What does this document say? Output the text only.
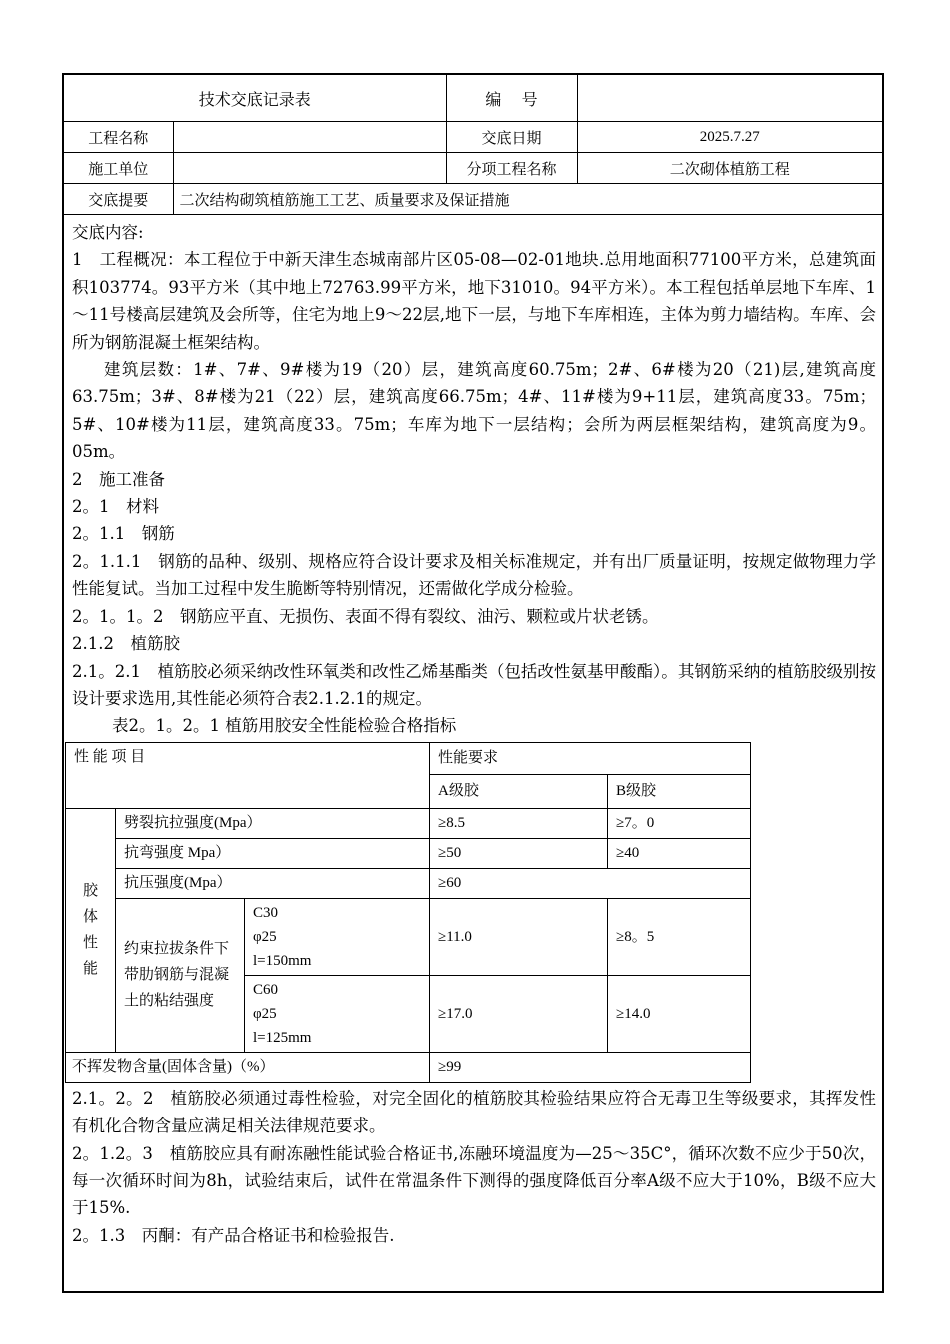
技术交底记录表		编    号	
工程名称		交底日期	2025.7.27
施工单位		分项工程名称	二次砌体植筋工程
交底提要	二次结构砌筑植筋施工工艺、质量要求及保证措施		

交底内容:

1　工程概况：本工程位于中新天津生态城南部片区05-08—02-01地块.总用地面积77100平方米，总建筑面积103774。93平方米（其中地上72763.99平方米，地下31010。94平方米）。本工程包括单层地下车库、1～11号楼高层建筑及会所等，住宅为地上9～22层,地下一层，与地下车库相连，主体为剪力墙结构。车库、会所为钢筋混凝土框架结构。

建筑层数：1#、7#、9#楼为19（20）层，建筑高度60.75m；2#、6#楼为20（21)层,建筑高度63.75m；3#、8#楼为21（22）层，建筑高度66.75m；4#、11#楼为9+11层，建筑高度33。75m；5#、10#楼为11层，建筑高度33。75m；车库为地下一层结构；会所为两层框架结构，建筑高度为9。05m。

2　施工准备

2。1　材料

2。1.1　钢筋

2。1.1.1　钢筋的品种、级别、规格应符合设计要求及相关标准规定，并有出厂质量证明，按规定做物理力学性能复试。当加工过程中发生脆断等特别情况，还需做化学成分检验。

2。1。1。2　钢筋应平直、无损伤、表面不得有裂纹、油污、颗粒或片状老锈。

2.1.2　植筋胶

2.1。2.1　植筋胶必须采纳改性环氧类和改性乙烯基酯类（包括改性氨基甲酸酯）。其钢筋采纳的植筋胶级别按设计要求选用,其性能必须符合表2.1.2.1的规定。

表2。1。2。1 植筋用胶安全性能检验合格指标

性 能 项 目			性能要求	
			A级胶	B级胶
胶体性能	劈裂抗拉强度(Mpa）		≥8.5	≥7。0
	抗弯强度 Mpa）		≥50	≥40
	抗压强度(Mpa）		≥60	

	约束拉拔条件下带肋钢筋与混凝土的粘结强度	C30
φ25
l=150mm	≥11.0	≥8。5

		C60
φ25
l=125mm	≥17.0	≥14.0
不挥发物含量(固体含量)（%）			≥99	

2.1。2。2　植筋胶必须通过毒性检验，对完全固化的植筋胶其检验结果应符合无毒卫生等级要求，其挥发性有机化合物含量应满足相关法律规范要求。

2。1.2。3　植筋胶应具有耐冻融性能试验合格证书,冻融环境温度为—25～35C°，循环次数不应少于50次，每一次循环时间为8h，试验结束后，试件在常温条件下测得的强度降低百分率A级不应大于10%，B级不应大于15%.

2。1.3　丙酮：有产品合格证书和检验报告.
